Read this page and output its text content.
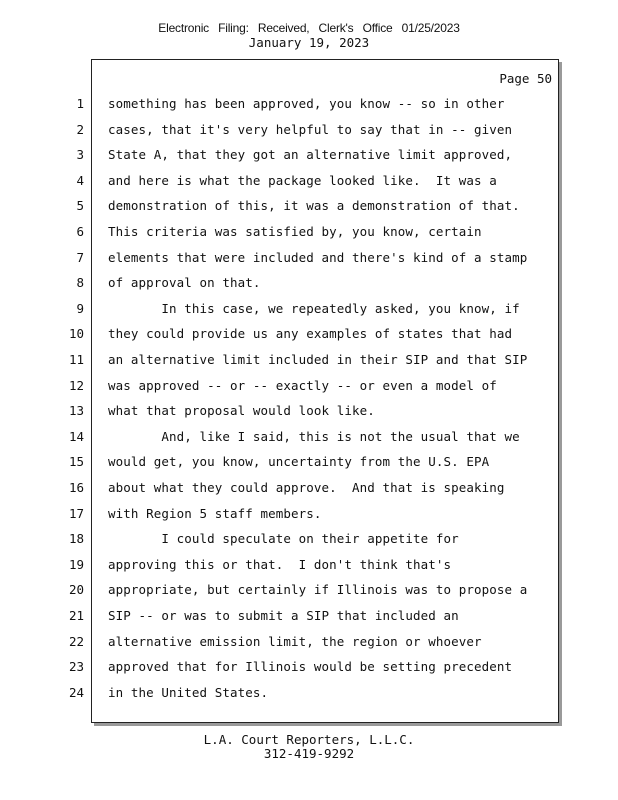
Electronic Filing: Received, Clerk's Office 01/25/2023
January 19, 2023
Page 50
1 something has been approved, you know -- so in other
2 cases, that it's very helpful to say that in -- given
3 State A, that they got an alternative limit approved,
4 and here is what the package looked like.  It was a
5 demonstration of this, it was a demonstration of that.
6 This criteria was satisfied by, you know, certain
7 elements that were included and there's kind of a stamp
8 of approval on that.
9 In this case, we repeatedly asked, you know, if
10 they could provide us any examples of states that had
11 an alternative limit included in their SIP and that SIP
12 was approved -- or -- exactly -- or even a model of
13 what that proposal would look like.
14 And, like I said, this is not the usual that we
15 would get, you know, uncertainty from the U.S. EPA
16 about what they could approve.  And that is speaking
17 with Region 5 staff members.
18 I could speculate on their appetite for
19 approving this or that.  I don't think that's
20 appropriate, but certainly if Illinois was to propose a
21 SIP -- or was to submit a SIP that included an
22 alternative emission limit, the region or whoever
23 approved that for Illinois would be setting precedent
24 in the United States.
L.A. Court Reporters, L.L.C.
312-419-9292
